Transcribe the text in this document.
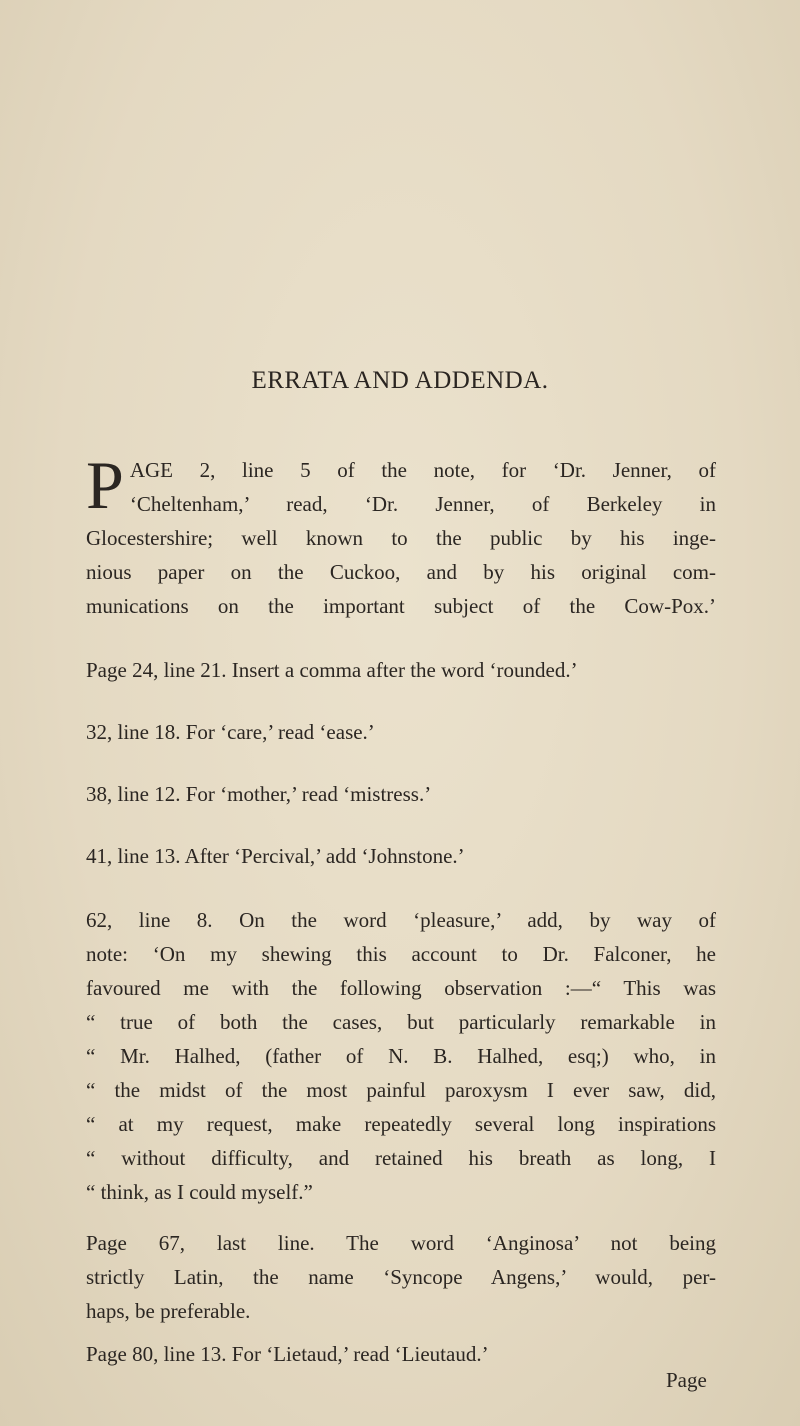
ERRATA AND ADDENDA.
P AGE 2, line 5 of the note, for ‘Dr. Jenner, of
‘Cheltenham,’ read, ‘Dr. Jenner, of Berkeley in
Glocestershire; well known to the public by his inge-
nious paper on the Cuckoo, and by his original com-
munications on the important subject of the Cow-Pox.’
Page 24, line 21. Insert a comma after the word ‘rounded.’
32, line 18. For ‘care,’ read ‘ease.’
38, line 12. For ‘mother,’ read ‘mistress.’
41, line 13. After ‘Percival,’ add ‘Johnstone.’
62, line 8. On the word ‘pleasure,’ add, by way of
note: ‘On my shewing this account to Dr. Falconer, he
favoured me with the following observation :—“ This was
“ true of both the cases, but particularly remarkable in
“ Mr. Halhed, (father of N. B. Halhed, esq;) who, in
“ the midst of the most painful paroxysm I ever saw, did,
“ at my request, make repeatedly several long inspirations
“ without difficulty, and retained his breath as long, I
“ think, as I could myself.”
Page 67, last line. The word ‘Anginosa’ not being
strictly Latin, the name ‘Syncope Angens,’ would, per-
haps, be preferable.
Page 80, line 13. For ‘Lietaud,’ read ‘Lieutaud.’
Page
